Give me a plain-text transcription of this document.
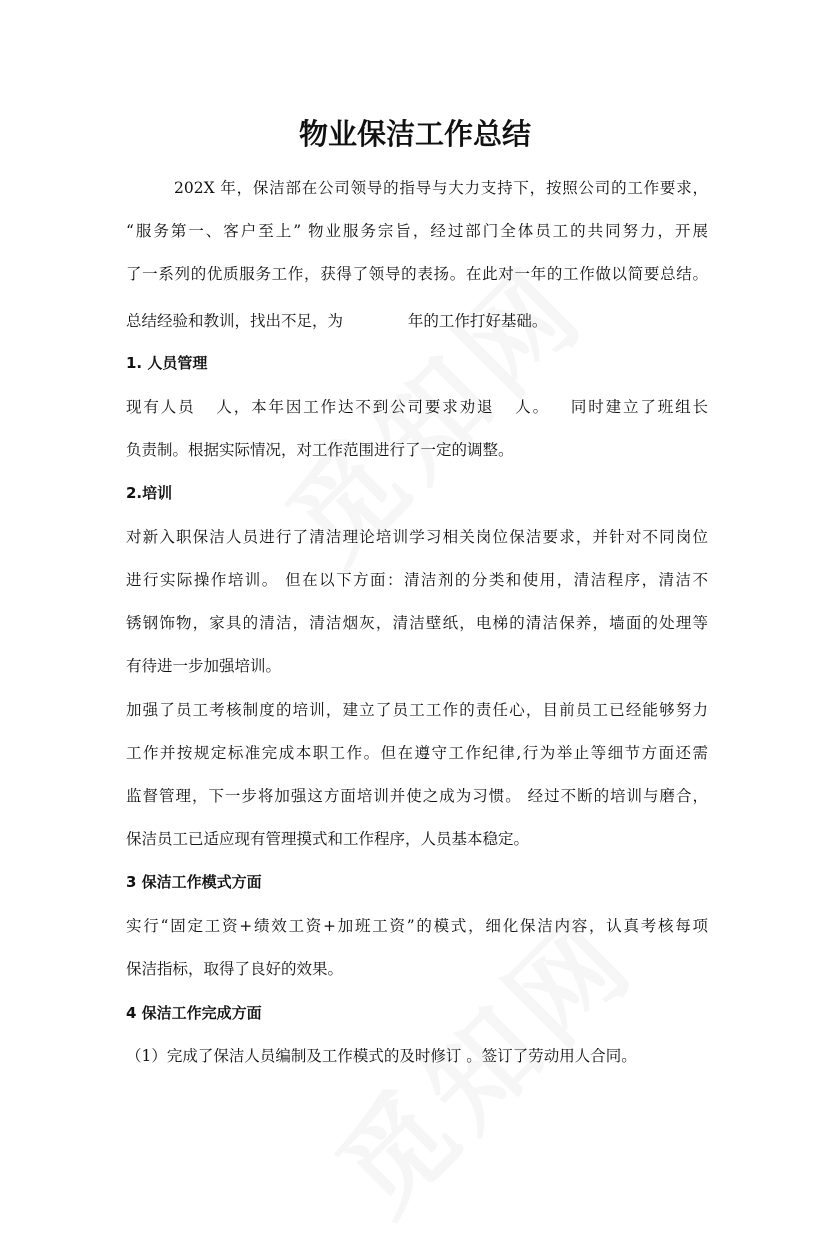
物业保洁工作总结

202X 年，保洁部在公司领导的指导与大力支持下，按照公司的工作要求，

“服务第一、客户至上” 物业服务宗旨，经过部门全体员工的共同努力，开展

了一系列的优质服务工作，获得了领导的表扬。在此对一年的工作做以简要总结。

总结经验和教训，找出不足，为 年的工作打好基础。

1. 人员管理

现有人员 人，本年因工作达不到公司要求劝退 人。 同时建立了班组长

负责制。根据实际情况，对工作范围进行了一定的调整。

2.培训

对新入职保洁人员进行了清洁理论培训学习相关岗位保洁要求，并针对不同岗位

进行实际操作培训。 但在以下方面：清洁剂的分类和使用，清洁程序，清洁不

锈钢饰物，家具的清洁，清洁烟灰，清洁壁纸，电梯的清洁保养，墙面的处理等

有待进一步加强培训。

加强了员工考核制度的培训，建立了员工工作的责任心，目前员工已经能够努力

工作并按规定标准完成本职工作。但在遵守工作纪律,行为举止等细节方面还需

监督管理，下一步将加强这方面培训并使之成为习惯。 经过不断的培训与磨合，

保洁员工已适应现有管理摸式和工作程序，人员基本稳定。

3 保洁工作模式方面

实行“固定工资+绩效工资+加班工资”的模式，细化保洁内容，认真考核每项

保洁指标，取得了良好的效果。

4 保洁工作完成方面

（1）完成了保洁人员编制及工作模式的及时修订 。签订了劳动用人合同。
